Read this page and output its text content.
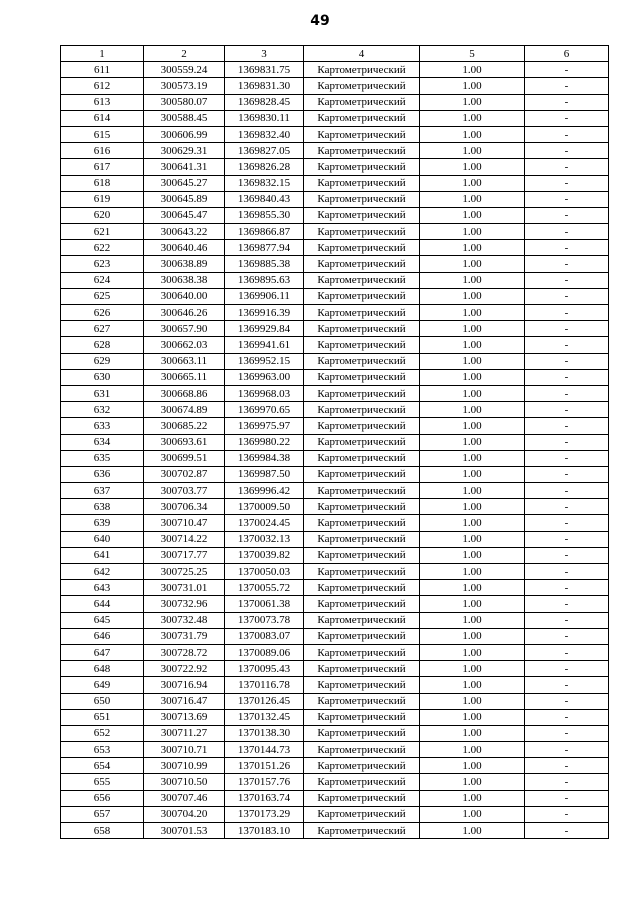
49
1	2	3	4	5	6
611	300559.24	1369831.75	Картометрический	1.00	-
612	300573.19	1369831.30	Картометрический	1.00	-
613	300580.07	1369828.45	Картометрический	1.00	-
614	300588.45	1369830.11	Картометрический	1.00	-
615	300606.99	1369832.40	Картометрический	1.00	-
616	300629.31	1369827.05	Картометрический	1.00	-
617	300641.31	1369826.28	Картометрический	1.00	-
618	300645.27	1369832.15	Картометрический	1.00	-
619	300645.89	1369840.43	Картометрический	1.00	-
620	300645.47	1369855.30	Картометрический	1.00	-
621	300643.22	1369866.87	Картометрический	1.00	-
622	300640.46	1369877.94	Картометрический	1.00	-
623	300638.89	1369885.38	Картометрический	1.00	-
624	300638.38	1369895.63	Картометрический	1.00	-
625	300640.00	1369906.11	Картометрический	1.00	-
626	300646.26	1369916.39	Картометрический	1.00	-
627	300657.90	1369929.84	Картометрический	1.00	-
628	300662.03	1369941.61	Картометрический	1.00	-
629	300663.11	1369952.15	Картометрический	1.00	-
630	300665.11	1369963.00	Картометрический	1.00	-
631	300668.86	1369968.03	Картометрический	1.00	-
632	300674.89	1369970.65	Картометрический	1.00	-
633	300685.22	1369975.97	Картометрический	1.00	-
634	300693.61	1369980.22	Картометрический	1.00	-
635	300699.51	1369984.38	Картометрический	1.00	-
636	300702.87	1369987.50	Картометрический	1.00	-
637	300703.77	1369996.42	Картометрический	1.00	-
638	300706.34	1370009.50	Картометрический	1.00	-
639	300710.47	1370024.45	Картометрический	1.00	-
640	300714.22	1370032.13	Картометрический	1.00	-
641	300717.77	1370039.82	Картометрический	1.00	-
642	300725.25	1370050.03	Картометрический	1.00	-
643	300731.01	1370055.72	Картометрический	1.00	-
644	300732.96	1370061.38	Картометрический	1.00	-
645	300732.48	1370073.78	Картометрический	1.00	-
646	300731.79	1370083.07	Картометрический	1.00	-
647	300728.72	1370089.06	Картометрический	1.00	-
648	300722.92	1370095.43	Картометрический	1.00	-
649	300716.94	1370116.78	Картометрический	1.00	-
650	300716.47	1370126.45	Картометрический	1.00	-
651	300713.69	1370132.45	Картометрический	1.00	-
652	300711.27	1370138.30	Картометрический	1.00	-
653	300710.71	1370144.73	Картометрический	1.00	-
654	300710.99	1370151.26	Картометрический	1.00	-
655	300710.50	1370157.76	Картометрический	1.00	-
656	300707.46	1370163.74	Картометрический	1.00	-
657	300704.20	1370173.29	Картометрический	1.00	-
658	300701.53	1370183.10	Картометрический	1.00	-
